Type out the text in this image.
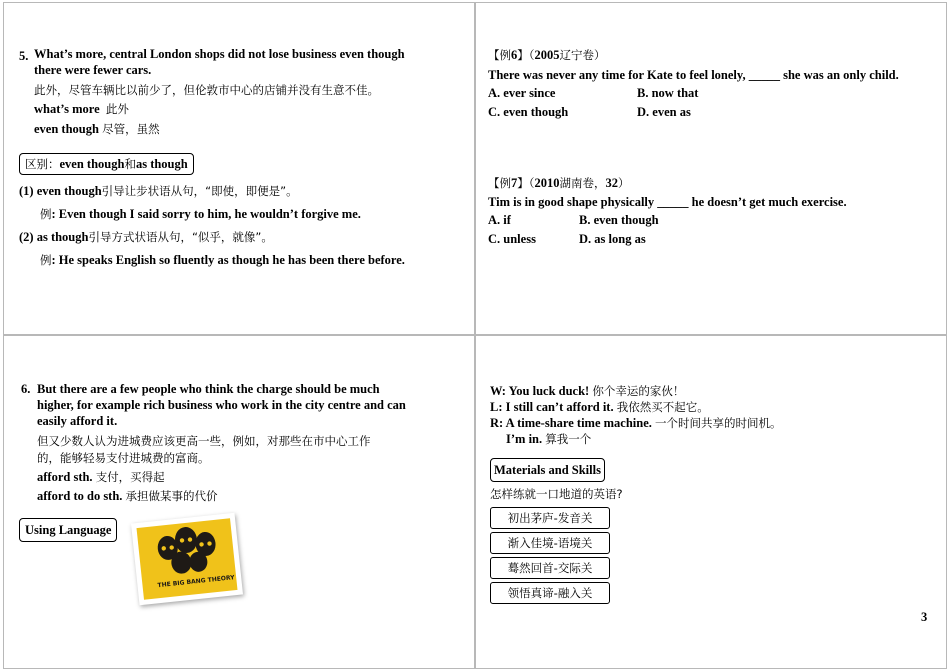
5. What’s more, central London shops did not lose business even though
there were fewer cars.
此外，尽管车辆比以前少了，但伦敦市中心的店铺并没有生意不佳。
what’s more 此外
even though 尽管，虽然
区别：even though和as though
(1) even though引导让步状语从句，“即使，即便是”。
例: Even though I said sorry to him, he wouldn’t forgive me.
(2) as though引导方式状语从句，“似乎，就像”。
例: He speaks English so fluently as though he has been there before.
【例6】（2005辽宁卷）
There was never any time for Kate to feel lonely, _____ she was an only child.
A. ever since	B. now that
C. even though	D. even as
【例7】（2010湖南卷，32）
Tim is in good shape physically _____ he doesn’t get much exercise.
A. if	B. even though
C. unless	D. as long as
6. But there are a few people who think the charge should be much
higher, for example rich business who work in the city centre and can
easily afford it.
但又少数人认为进城费应该更高一些，例如，对那些在市中心工作
的，能够轻易支付进城费的富商。
afford sth. 支付，买得起
afford to do sth. 承担做某事的代价
Using Language
THE BIG BANG THEORY
W: You luck duck! 你个幸运的家伙！
L: I still can’t afford it. 我依然买不起它。
R: A time-share time machine. 一个时间共享的时间机。
I’m in. 算我一个
Materials and Skills
怎样练就一口地道的英语?
初出茅庐-发音关
渐入佳境-语境关
蓦然回首-交际关
领悟真谛-融入关
3
